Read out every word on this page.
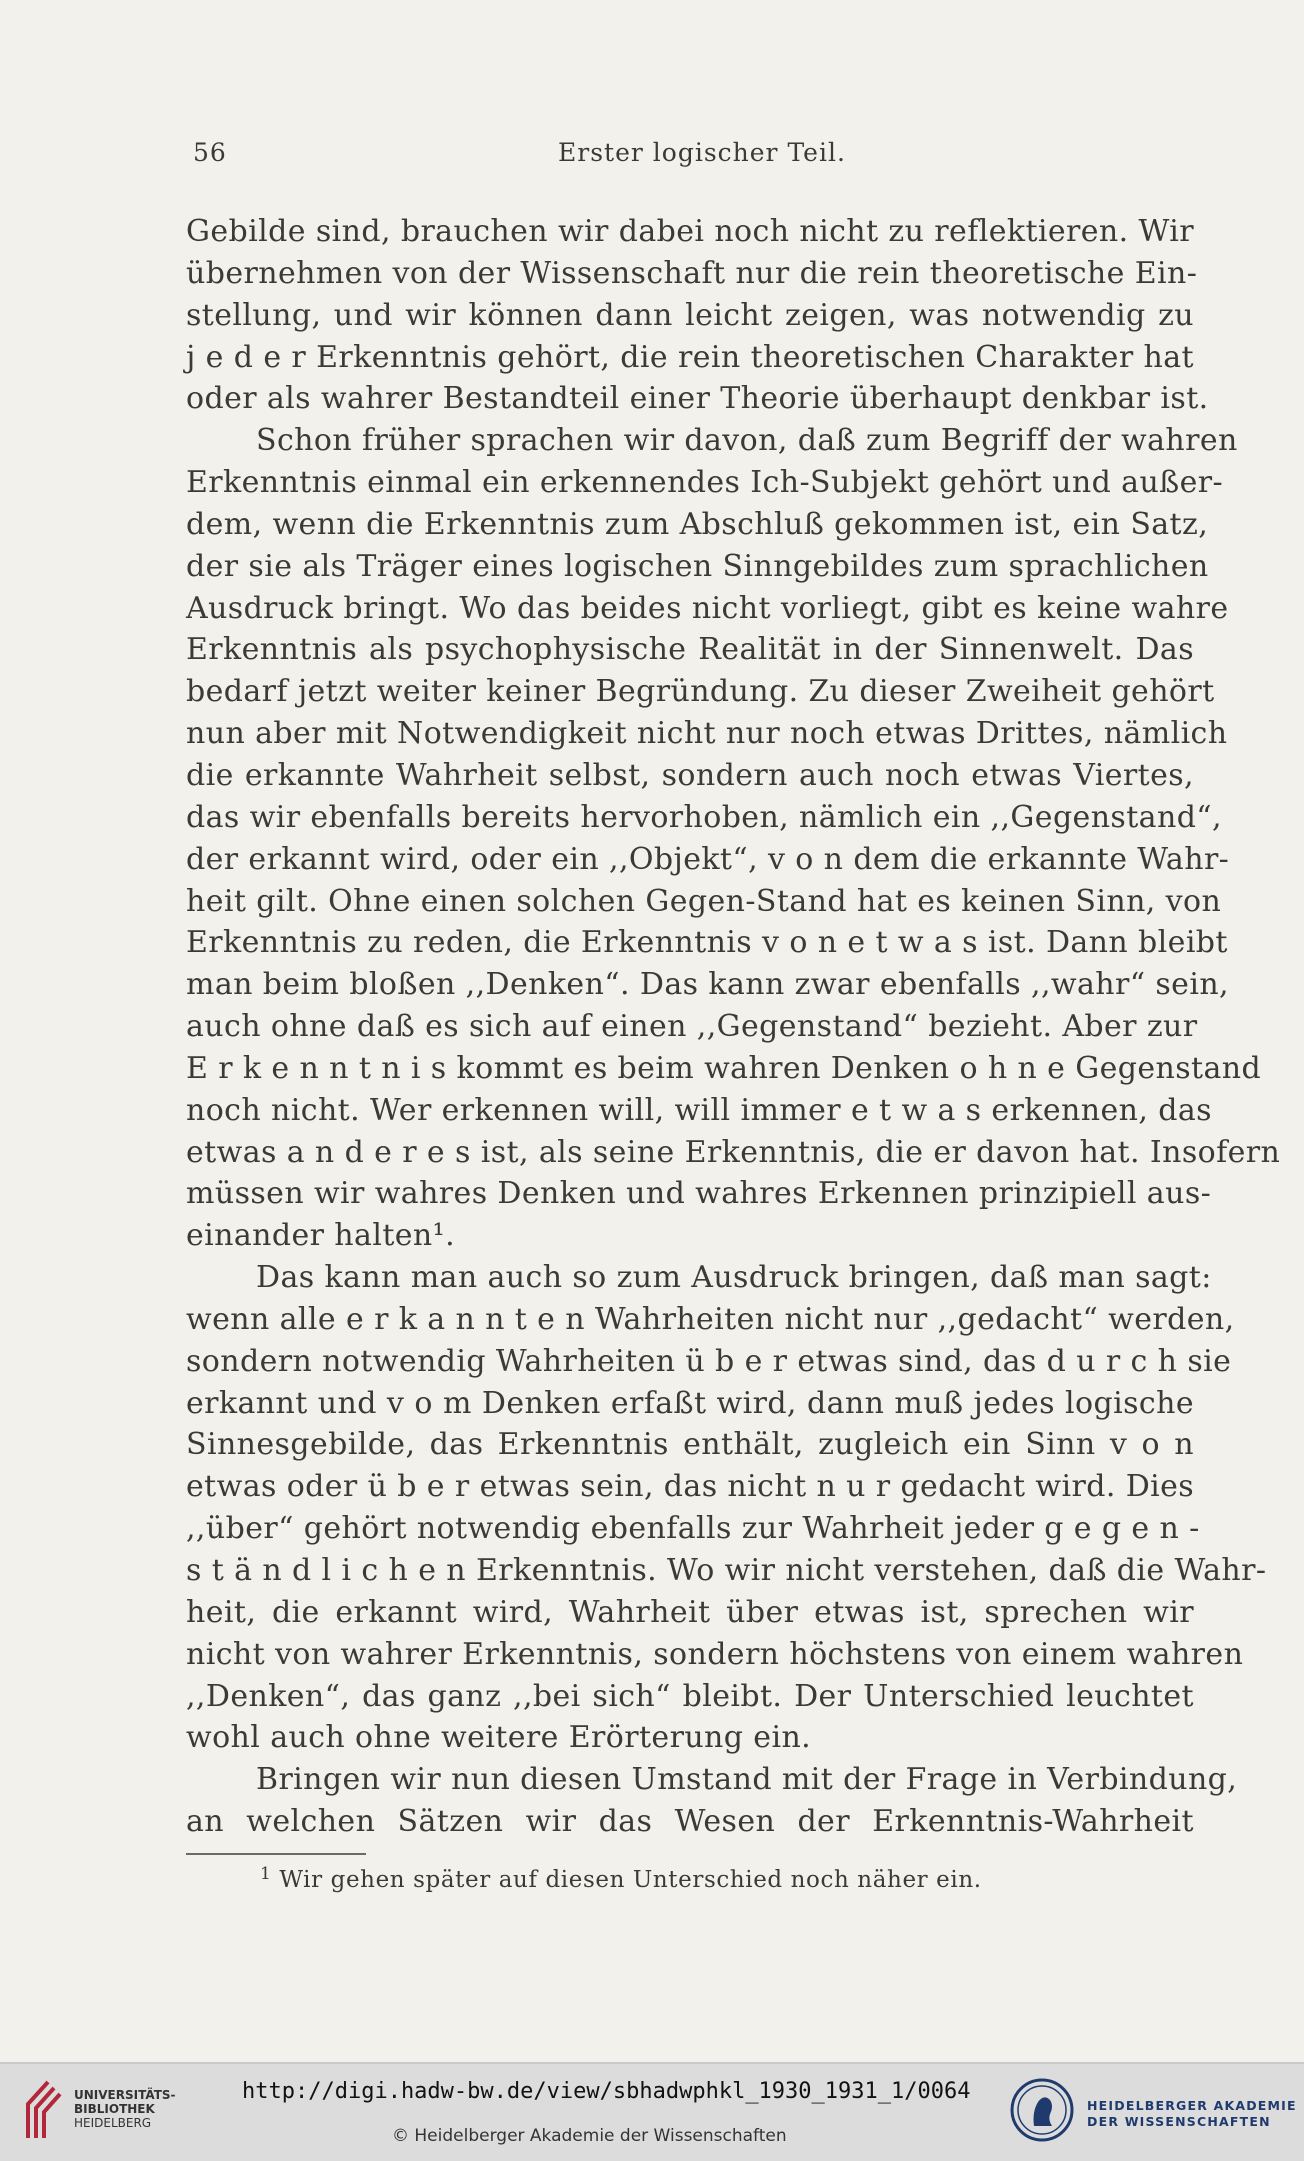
56	Erster logischer Teil.
Gebilde sind, brauchen wir dabei noch nicht zu reflektieren. Wir
übernehmen von der Wissenschaft nur die rein theoretische Ein-
stellung, und wir können dann leicht zeigen, was notwendig zu
j e d e r Erkenntnis gehört, die rein theoretischen Charakter hat
oder als wahrer Bestandteil einer Theorie überhaupt denkbar ist.
Schon früher sprachen wir davon, daß zum Begriff der wahren
Erkenntnis einmal ein erkennendes Ich-Subjekt gehört und außer-
dem, wenn die Erkenntnis zum Abschluß gekommen ist, ein Satz,
der sie als Träger eines logischen Sinngebildes zum sprachlichen
Ausdruck bringt. Wo das beides nicht vorliegt, gibt es keine wahre
Erkenntnis als psychophysische Realität in der Sinnenwelt. Das
bedarf jetzt weiter keiner Begründung. Zu dieser Zweiheit gehört
nun aber mit Notwendigkeit nicht nur noch etwas Drittes, nämlich
die erkannte Wahrheit selbst, sondern auch noch etwas Viertes,
das wir ebenfalls bereits hervorhoben, nämlich ein ,,Gegenstand“,
der erkannt wird, oder ein ,,Objekt“, v o n dem die erkannte Wahr-
heit gilt. Ohne einen solchen Gegen-Stand hat es keinen Sinn, von
Erkenntnis zu reden, die Erkenntnis v o n e t w a s ist. Dann bleibt
man beim bloßen ,,Denken“. Das kann zwar ebenfalls ,,wahr“ sein,
auch ohne daß es sich auf einen ,,Gegenstand“ bezieht. Aber zur
E r k e n n t n i s kommt es beim wahren Denken o h n e Gegenstand
noch nicht. Wer erkennen will, will immer e t w a s erkennen, das
etwas a n d e r e s ist, als seine Erkenntnis, die er davon hat. Insofern
müssen wir wahres Denken und wahres Erkennen prinzipiell aus-
einander halten¹.
Das kann man auch so zum Ausdruck bringen, daß man sagt:
wenn alle e r k a n n t e n Wahrheiten nicht nur ,,gedacht“ werden,
sondern notwendig Wahrheiten ü b e r etwas sind, das d u r c h sie
erkannt und v o m Denken erfaßt wird, dann muß jedes logische
Sinnesgebilde, das Erkenntnis enthält, zugleich ein Sinn v o n
etwas oder ü b e r etwas sein, das nicht n u r gedacht wird. Dies
,,über“ gehört notwendig ebenfalls zur Wahrheit jeder g e g e n -
s t ä n d l i c h e n Erkenntnis. Wo wir nicht verstehen, daß die Wahr-
heit, die erkannt wird, Wahrheit über etwas ist, sprechen wir
nicht von wahrer Erkenntnis, sondern höchstens von einem wahren
,,Denken“, das ganz ,,bei sich“ bleibt. Der Unterschied leuchtet
wohl auch ohne weitere Erörterung ein.
Bringen wir nun diesen Umstand mit der Frage in Verbindung,
an welchen Sätzen wir das Wesen der Erkenntnis-Wahrheit
$^1$ Wir gehen später auf diesen Unterschied noch näher ein.
UNIVERSITÄTS-
BIBLIOTHEK
HEIDELBERG
http://digi.hadw-bw.de/view/sbhadwphkl_1930_1931_1/0064
© Heidelberger Akademie der Wissenschaften
HEIDELBERGER AKADEMIE
DER WISSENSCHAFTEN
